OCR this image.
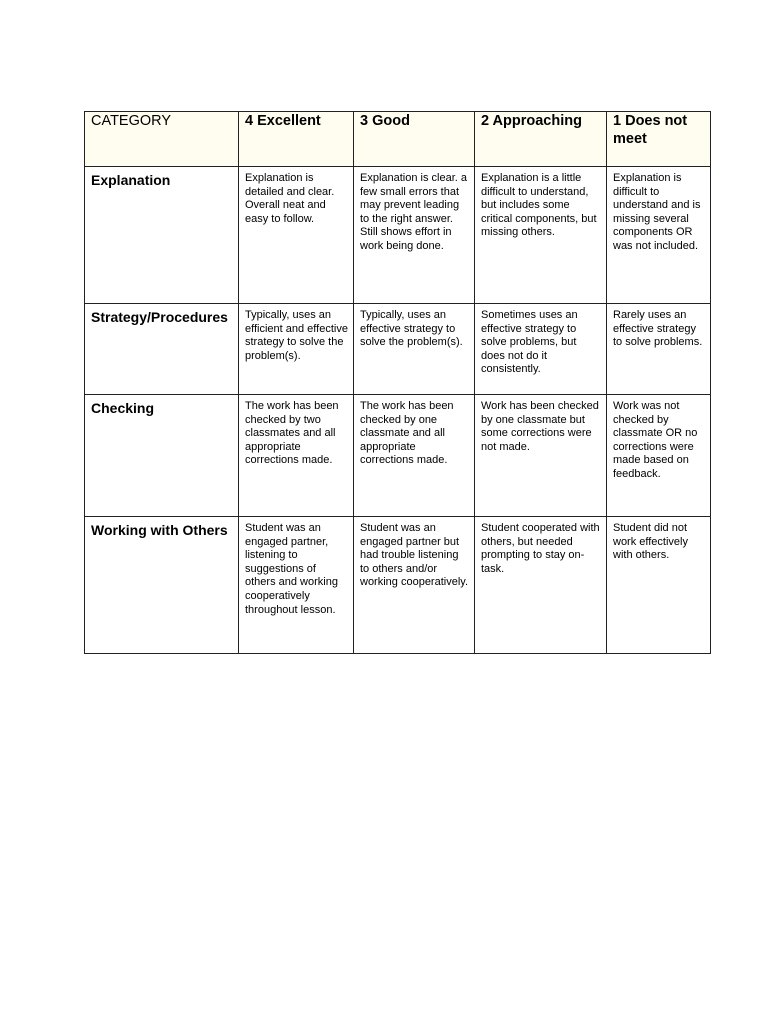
CATEGORY	4 Excellent	3 Good	2 Approaching	1 Does not meet

Explanation	Explanation is detailed and clear. Overall neat and easy to follow.	Explanation is clear. a few small errors that may prevent leading to the right answer. Still shows effort in work being done.	Explanation is a little difficult to understand, but includes some critical components, but missing others.	Explanation is difficult to understand and is missing several components OR was not included.

Strategy/Procedures	Typically, uses an efficient and effective strategy to solve the problem(s).	Typically, uses an effective strategy to solve the problem(s).	Sometimes uses an effective strategy to solve problems, but does not do it consistently.	Rarely uses an effective strategy to solve problems.

Checking	The work has been checked by two classmates and all appropriate corrections made.	The work has been checked by one classmate and all appropriate corrections made.	Work has been checked by one classmate but some corrections were not made.	Work was not checked by classmate OR no corrections were made based on feedback.

Working with Others	Student was an engaged partner, listening to suggestions of others and working cooperatively throughout lesson.	Student was an engaged partner but had trouble listening to others and/or working cooperatively.	Student cooperated with others, but needed prompting to stay on-task.	Student did not work effectively with others.
